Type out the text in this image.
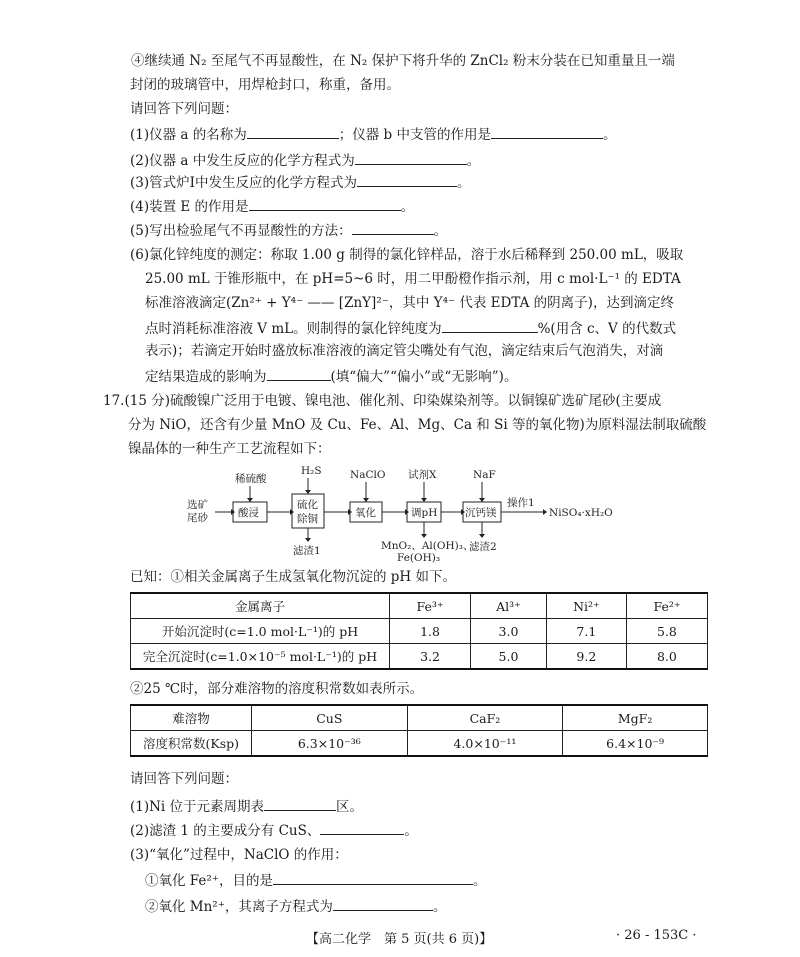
④继续通 N₂ 至尾气不再显酸性，在 N₂ 保护下将升华的 ZnCl₂ 粉末分装在已知重量且一端
封闭的玻璃管中，用焊枪封口，称重，备用。
请回答下列问题：
(1)仪器 a 的名称为	；仪器 b 中支管的作用是	。
(2)仪器 a 中发生反应的化学方程式为	。
(3)管式炉Ⅰ中发生反应的化学方程式为	。
(4)装置 E 的作用是	。
(5)写出检验尾气不再显酸性的方法：	。
(6)氯化锌纯度的测定：称取 1.00 g 制得的氯化锌样品，溶于水后稀释到 250.00 mL，吸取
25.00 mL 于锥形瓶中，在 pH=5~6 时，用二甲酚橙作指示剂，用 c mol·L⁻¹ 的 EDTA
标准溶液滴定(Zn²⁺ + Y⁴⁻ —— [ZnY]²⁻，其中 Y⁴⁻ 代表 EDTA 的阴离子)，达到滴定终
点时消耗标准溶液 V mL。则制得的氯化锌纯度为	%(用含 c、V 的代数式
表示)；若滴定开始时盛放标准溶液的滴定管尖嘴处有气泡，滴定结束后气泡消失，对滴
定结果造成的影响为	(填“偏大”“偏小”或“无影响”)。
17.(15 分)硫酸镍广泛用于电镀、镍电池、催化剂、印染媒染剂等。以铜镍矿选矿尾砂(主要成
分为 NiO，还含有少量 MnO 及 Cu、Fe、Al、Mg、Ca 和 Si 等的氧化物)为原料湿法制取硫酸
镍晶体的一种生产工艺流程如下：
选矿
尾砂
稀硫酸
酸浸
H₂S
硫化
除铜
NaClO
氧化
试剂X
调pH
NaF
沉钙镁
操作1
NiSO₄·xH₂O
滤渣1	MnO₂、Al(OH)₃、
Fe(OH)₃
滤渣2
已知：①相关金属离子生成氢氧化物沉淀的 pH 如下。
金属离子	Fe³⁺	Al³⁺	Ni²⁺	Fe²⁺
开始沉淀时(c=1.0 mol·L⁻¹)的 pH	1.8	3.0	7.1	5.8
完全沉淀时(c=1.0×10⁻⁵ mol·L⁻¹)的 pH	3.2	5.0	9.2	8.0
②25 ℃时，部分难溶物的溶度积常数如表所示。
难溶物	CuS	CaF₂	MgF₂
溶度积常数(Ksp)	6.3×10⁻³⁶	4.0×10⁻¹¹	6.4×10⁻⁹
请回答下列问题：
(1)Ni 位于元素周期表	区。
(2)滤渣 1 的主要成分有 CuS、	。
(3)“氧化”过程中，NaClO 的作用：
①氧化 Fe²⁺，目的是	。
②氧化 Mn²⁺，其离子方程式为	。
【高二化学　第 5 页(共 6 页)】	· 26 - 153C ·
